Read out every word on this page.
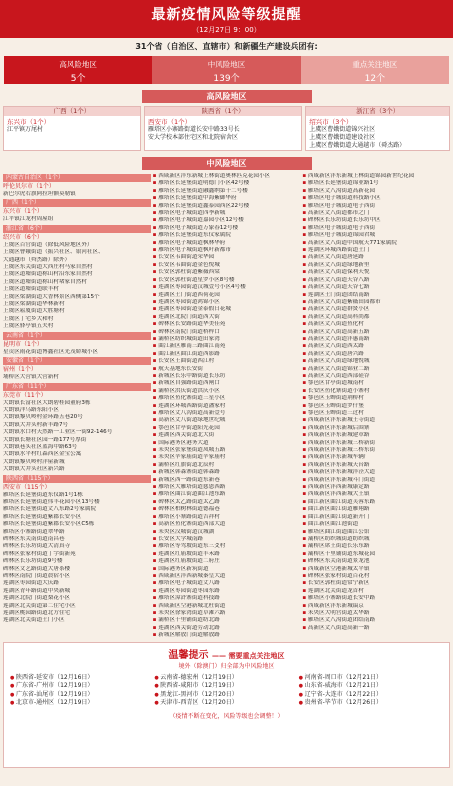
最新疫情风险等级提醒
（12月27日 9：00）
31个省（自治区、直辖市）和新疆生产建设兵团有:
高风险地区
5个
中风险地区
139个
重点关注地区
12个
高风险地区
广西（1个）
东兴市（1个）
江平镇万尾村
陕西省（1个）
西安市（1个）
雁塔区小寨路街道长安中路33号长
安大学校本部住宅区和北院宿舍区
浙江省（3个）
绍兴市（3个）
上虞区曹娥街道锦兴社区
上虞区曹娥街道建设社区
上虞区曹娥街道大通越市（舜杰路）
中风险地区
内蒙古自治区（1个）
呼伦贝尔市（1个）
新巴尔虎右旗阿拉坦额莫勒镇
广西（1个）
东兴市（1个）
江平镇江龙村周屋组
浙江省（6个）
绍兴市（6个）
上虞区百官街道（除低风险地区外）
上虞区曹娥街道（振兴社区、银河社区、
大通越市（舜杰路）除外）
上虞区东关街道大西庄村马家自然村
上虞区道墟街道称山村沿东家自然村
上虞区道墟街道称山村堵家自然村
上虞区道墟街道联丰村
上虞区梁湖街道大香林景区西侧第15个
上虞区梁湖街道华林新村
上虞区崧厦街道大胜塘村
上虞区丁宅乡大和村
上虞区驿亭镇五夫村
云南省（1个）
昆明市（1个）
星贡区雨花街道博鑫社区光茂娇城小区
安徽省（1个）
宿州（1个）
埇桥区大营镇大营新村
广东省（11个）
东莞市（11个）
大朗镇长富社区大朗碧桂园董府3栋
大朗镇洋乌路东阳小区
大朗镇黎贝岭村金环路五巷20号
大朗镇大井头村新丰路7号
大朗镇水口村天然路一工业区一街92-146号
大朗镇长塘社区园一路177号厚街
大朗镇巷头社区蓝海中路63号
大朗镇水平村红森西区金宝公寓
大朗镇黎贝岭村洋屋新城
大朗镇大井头社区新兴路
陕西省（115个）
西安市（115个）
雁塔区长延堡街道东仪路1号1栋
雁塔区长延堡街道伟丰花园小区13号楼
雁塔区长延堡街道丈八东路2号家属院
雁塔区长延堡街道紫郡长安小区
雁塔区长延堡街道紫郡长安小区C5栋
雁塔区小寨路街道翠华路
碑林区东关南街道南昌巷
碑林区长乐坊街道大清真寺
碑林区张家村街道丁字街新苑
碑林区长乐坊街道9号楼
碑林区文艺路街道大唐茶楼
碑林区南院门街道晨宿小区
莲湖区枣园街道大庆路
莲湖区青年路街道中央新城
莲湖区北院门街道梨花小区
莲湖区北关街道第二住宅小区
莲湖区桃园路街道北方住宅
莲湖区北关街道土门小区
▪ 西咸新区沣东新城上林街道奥林匹克花园小区
▪ 雁塔区长延堡街道明德门小区42号楼
▪ 雁塔区长延堡街道融鑫纳第十二号楼
▪ 雁塔区长延堡街道中海紫御华府
▪ 雁塔区长延堡街道鑫泰园西区22号楼
▪ 雁塔区电子城街道四季新城
▪ 雁塔区电子城街道嘉园小区12号楼
▪ 雁塔区电子城街道万象春12号楼
▪ 雁塔区长延堡街道东仪家属院
▪ 雁塔区电子城街道枫林华府
▪ 雁塔区电子城街道枫叶新都市
▪ 长安区韦曲街道荣华园
▪ 长安区韦曲街道金色悦城
▪ 长安区郭杜街道紫薇西棠
▪ 长安区郭杜街道星罗小区8号楼
▪ 莲湖区枣园街道汉城壹号小区4号楼
▪ 莲湖区土门街道西荷花园
▪ 莲湖区枣园街道鸿锦小区
▪ 莲湖区枣园街道金泰假日花城
▪ 莲湖区北院门街道西大街
▪ 碑林区长安路街道华美佳苑
▪ 碑林区南院门街道桥梓口
▪ 灞桥区纺织城街道田家湾
▪ 曲江新区雁南三路曲江南苑
▪ 曲江新区曲江街道西影路
▪ 长安区王曲街道西江村
▪ 航天基地东长安街
▪ 新城区长乐中路街道长乐坊
▪ 新城区自强路街道西闸口
▪ 灞桥区洪庆街道洪庆小区
▪ 雁塔区鱼化寨街道三星小区
▪ 莲湖区环城西路街道潘家村
▪ 雁塔区丈八沟街道高新壹号
▪ 高新区丈八街道绿地世纪城
▪ 鄠邑区甘亭街道阳光花园
▪ 莲湖区西关街道北大街
▪ 国际港务区港务大道
▪ 未央区张家堡街道凤城五路
▪ 未央区辛家庙街道辛家庙村
▪ 灞桥区红旗街道北辰村
▪ 新城区韩森寨街道韩森路
▪ 新城区西一路街道东新巷
▪ 雁塔区大雁塔街道慈恩西路
▪ 雁塔区曲江街道曲江池东路
▪ 碑林区太乙路街道太乙路
▪ 碑林区柏树林街道德福巷
▪ 雁塔区小寨路街道吉祥村
▪ 高新区鱼化寨街道西部大道
▪ 未央区汉城街道汉城湖
▪ 长安区大学城南路
▪ 雁塔区等驾坡街道东三爻村
▪ 莲湖区红庙坡街道丰禾路
▪ 莲湖区红庙坡街道二府庄
▪ 国际港务区新筑街道
▪ 西咸新区沣西新城秦皇大道
▪ 雁塔区电子城街道丈八路
▪ 莲湖区枣园街道枣园东路
▪ 雁塔区漳浒寨街道科技路
▪ 西咸新区空港新城北杜街道
▪ 未央区徐家湾街道草滩六路
▪ 灞桥区十里铺街道纺北路
▪ 莲湖区西关街道劳动北路
▪ 新城区解放门街道解放路
▪ 西咸新区沣东新城上林街道锦园新世纪花园
▪ 雁塔区长延堡街道锦业路1号
▪ 雁塔区丈八沟街道高新花园
▪ 雁塔区电子城街道科技路小区
▪ 雁塔区电子城街道电子西街
▪ 高新区丈八街道都市之门
▪ 碑林区长乐坊街道长乐坊中区
▪ 雁塔区电子城街道电子西街
▪ 雁塔区电子城街道锦园君城
▪ 高新区丈八街道中国航天771家属院
▪ 莲湖区环城西路街道土门
▪ 高新区丈八街道唐延路
▪ 高新区丈八街道绿地新里
▪ 高新区丈八街道保利天悦
▪ 高新区丈八街道天谷八路
▪ 高新区丈八街道天谷七路
▪ 莲湖区土门街道团结南路
▪ 高新区丈八街道紫薇田园都市
▪ 高新区丈八街道群贤小区
▪ 高新区丈八街道高科尚都
▪ 高新区丈八街道鱼化村
▪ 高新区丈八街道高新五路
▪ 高新区丈八街道沣惠南路
▪ 高新区丈八街道西太路
▪ 高新区丈八街道唐兴路
▪ 高新区丈八街道绿地悦城
▪ 高新区丈八街道锦业二路
▪ 高新区丈八街道西部硅谷
▪ 鄠邑区甘亭街道城南村
▪ 长安区鱼化寨街道小寨村
▪ 鄠邑区玉蝉街道荆桥村
▪ 鄠邑区玉蝉街道罗什堡
▪ 鄠邑区玉蝉街道三过村
▪ 西咸新区沣东新城王寺街道
▪ 西咸新区沣东新城后围寨
▪ 西咸新区沣东新城建章路
▪ 西咸新区沣东新城三桥新街
▪ 西咸新区沣东新城三桥东街
▪ 西咸新区沣东新城车辆厂
▪ 西咸新区沣东新城天台路
▪ 西咸新区沣东新城沣泾大道
▪ 西咸新区沣东新城斗门街道
▪ 西咸新区沣西新城康定路
▪ 西咸新区沣西新城大王镇
▪ 曲江新区曲江街道芙蓉东路
▪ 曲江新区曲江街道雁翔路
▪ 曲江新区曲江街道新开门
▪ 曲江新区曲江池街道
▪ 雁塔区曲江街道曲江公馆
▪ 灞桥区纺织城街道纺织城
▪ 灞桥区席王街道长乐东路
▪ 灞桥区十里铺街道东城花园
▪ 碑林区东关南街道景龙池
▪ 西咸新区空港新城太平镇
▪ 碑林区张家村街道百花村
▪ 长安区郭杜街道常宁新区
▪ 莲湖区北关街道龙首村
▪ 雁塔区小寨路街道长安中路
▪ 西咸新区沣东新城镐京
▪ 未央区大明宫街道太华路
▪ 雁塔区丈八沟街道团结南路
▪ 高新区丈八街道高新一路
温馨提示 —— 需要重点关注地区
境外（除澳门）归全部为中风险地区
● 陕西省-延安市（12月16日）
● 广东省-广州市（12月19日）
● 广东省-汕尾市（12月19日）
● 北京市-通州区（12月19日）
● 云南省-德宏州（12月19日）
● 陕西省-咸阳市（12月19日）
● 黑龙江-黑河市（12月20日）
● 天津市-西青区（12月20日）
● 河南省-周口市（12月21日）
● 山东省-威海市（12月21日）
● 辽宁省-大连市（12月22日）
● 贵州省-毕节市（12月26日）
（疫情不断在变化，风险等级也会调整！）
